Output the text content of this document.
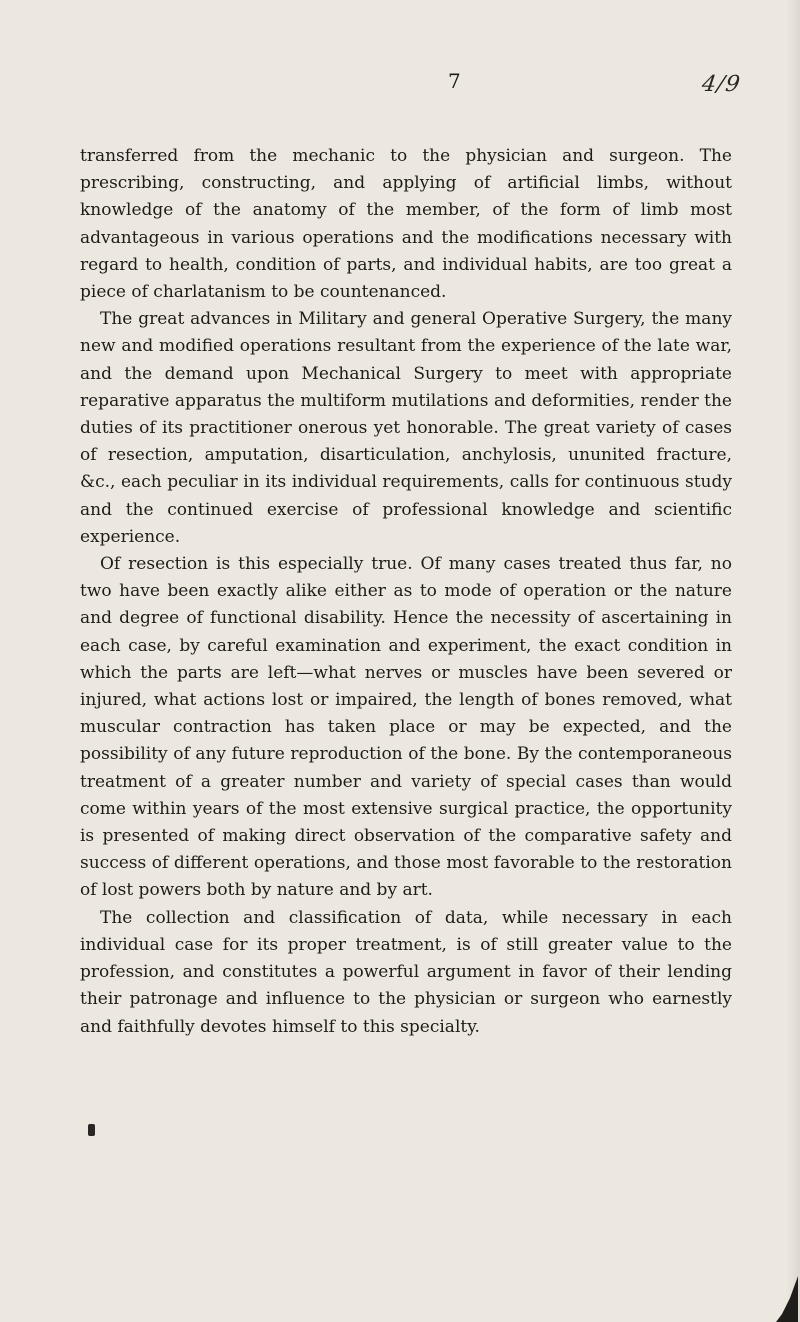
7	4/9

transferred from the mechanic to the physician and surgeon. The prescribing, constructing, and applying of artificial limbs, without knowledge of the anatomy of the member, of the form of limb most advantageous in various operations and the modifications necessary with regard to health, condition of parts, and individual habits, are too great a piece of charlatanism to be countenanced.

The great advances in Military and general Operative Surgery, the many new and modified operations resultant from the experience of the late war, and the demand upon Mechanical Surgery to meet with appropriate reparative apparatus the multiform mutilations and deformities, render the duties of its practitioner onerous yet honorable. The great variety of cases of resection, amputation, disarticulation, anchylosis, ununited fracture, &c., each peculiar in its individual requirements, calls for continuous study and the continued exercise of professional knowledge and scientific experience.

Of resection is this especially true. Of many cases treated thus far, no two have been exactly alike either as to mode of operation or the nature and degree of functional disability. Hence the necessity of ascertaining in each case, by careful examination and experiment, the exact condition in which the parts are left—what nerves or muscles have been severed or injured, what actions lost or impaired, the length of bones removed, what muscular contraction has taken place or may be expected, and the possibility of any future reproduction of the bone. By the contemporaneous treatment of a greater number and variety of special cases than would come within years of the most extensive surgical practice, the opportunity is presented of making direct observation of the comparative safety and success of different operations, and those most favorable to the restoration of lost powers both by nature and by art.

The collection and classification of data, while necessary in each individual case for its proper treatment, is of still greater value to the profession, and constitutes a powerful argument in favor of their lending their patronage and influence to the physician or surgeon who earnestly and faithfully devotes himself to this specialty.
